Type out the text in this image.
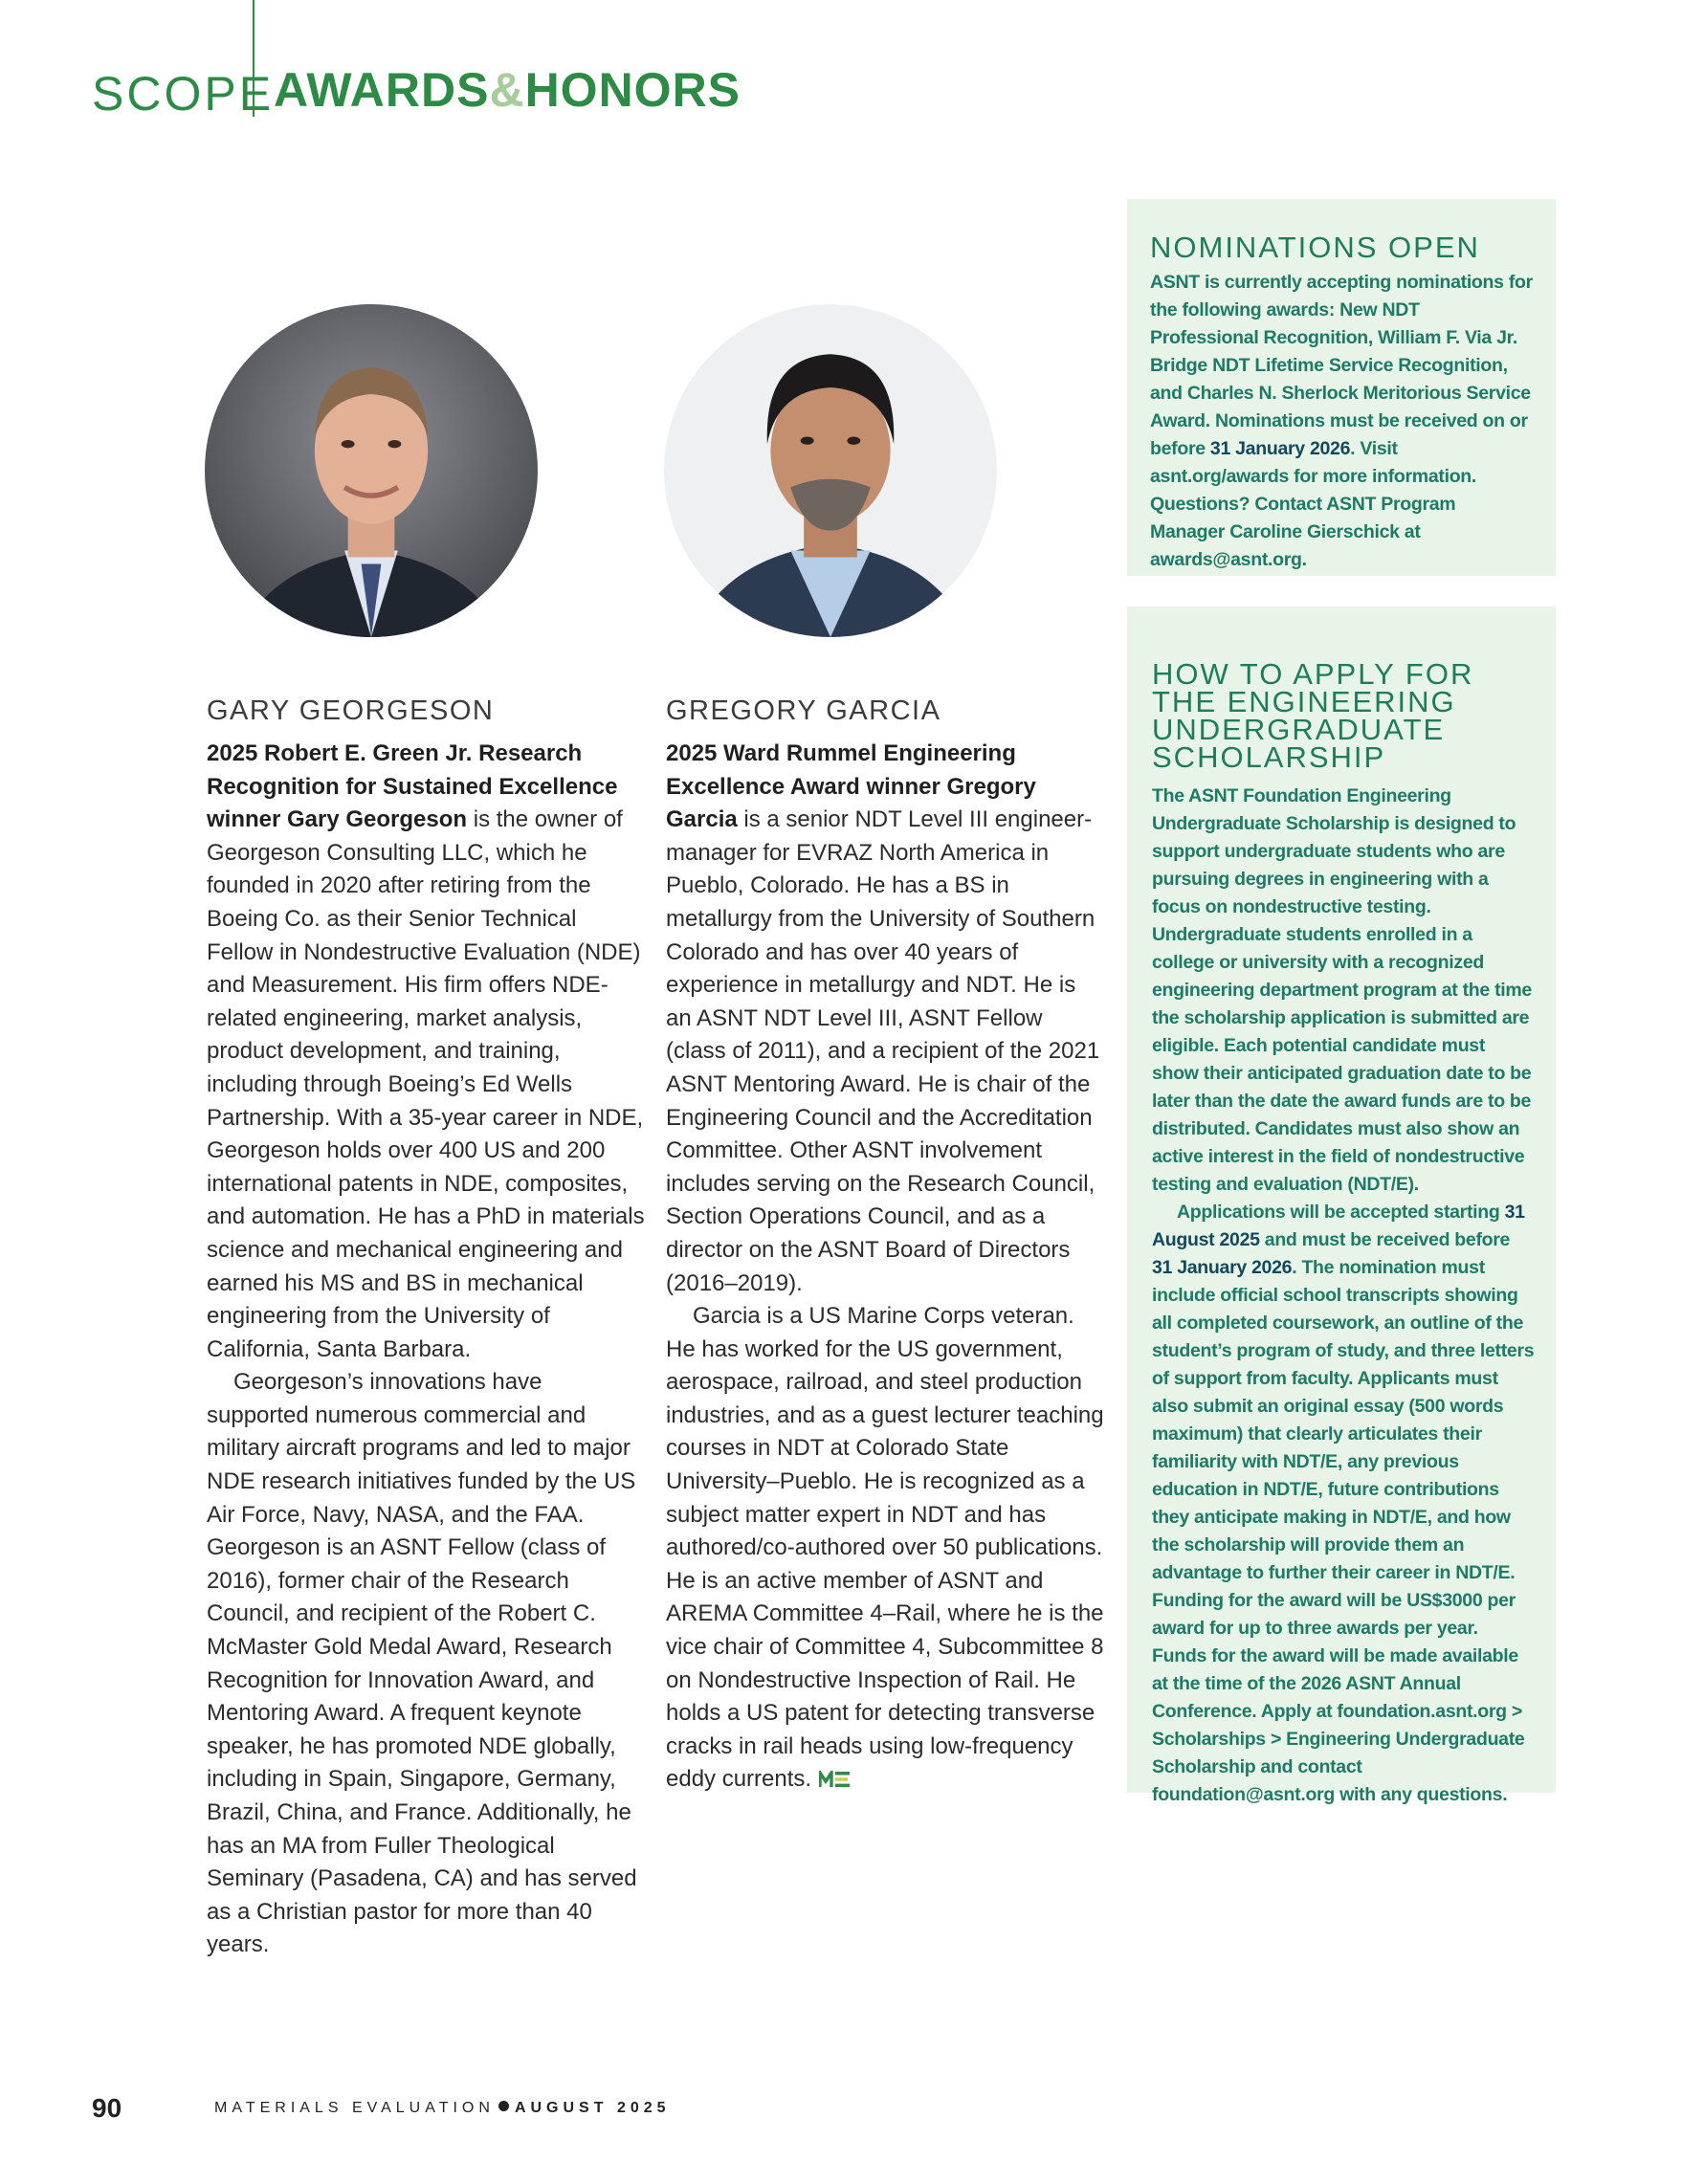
SCOPE AWARDS&HONORS
GARY GEORGESON

2025 Robert E. Green Jr. Research Recognition for Sustained Excellence winner Gary Georgeson is the owner of Georgeson Consulting LLC, which he founded in 2020 after retiring from the Boeing Co. as their Senior Technical Fellow in Nondestructive Evaluation (NDE) and Measurement. His firm offers NDE-related engineering, market analysis, product development, and training, including through Boeing’s Ed Wells Partnership. With a 35-year career in NDE, Georgeson holds over 400 US and 200 international patents in NDE, composites, and automation. He has a PhD in materials science and mechanical engineering and earned his MS and BS in mechanical engineering from the University of California, Santa Barbara.

Georgeson’s innovations have supported numerous commercial and military aircraft programs and led to major NDE research initiatives funded by the US Air Force, Navy, NASA, and the FAA. Georgeson is an ASNT Fellow (class of 2016), former chair of the Research Council, and recipient of the Robert C. McMaster Gold Medal Award, Research Recognition for Innovation Award, and Mentoring Award. A frequent keynote speaker, he has promoted NDE globally, including in Spain, Singapore, Germany, Brazil, China, and France. Additionally, he has an MA from Fuller Theological Seminary (Pasadena, CA) and has served as a Christian pastor for more than 40 years.

GREGORY GARCIA

2025 Ward Rummel Engineering Excellence Award winner Gregory Garcia is a senior NDT Level III engineer-manager for EVRAZ North America in Pueblo, Colorado. He has a BS in metallurgy from the University of Southern Colorado and has over 40 years of experience in metallurgy and NDT. He is an ASNT NDT Level III, ASNT Fellow (class of 2011), and a recipient of the 2021 ASNT Mentoring Award. He is chair of the Engineering Council and the Accreditation Committee. Other ASNT involvement includes serving on the Research Council, Section Operations Council, and as a director on the ASNT Board of Directors (2016–2019).

Garcia is a US Marine Corps veteran. He has worked for the US government, aerospace, railroad, and steel production industries, and as a guest lecturer teaching courses in NDT at Colorado State University–Pueblo. He is recognized as a subject matter expert in NDT and has authored/co-authored over 50 publications. He is an active member of ASNT and AREMA Committee 4–Rail, where he is the vice chair of Committee 4, Subcommittee 8 on Nondestructive Inspection of Rail. He holds a US patent for detecting transverse cracks in rail heads using low-frequency eddy currents.

NOMINATIONS OPEN

ASNT is currently accepting nominations for the following awards: New NDT Professional Recognition, William F. Via Jr. Bridge NDT Lifetime Service Recognition, and Charles N. Sherlock Meritorious Service Award. Nominations must be received on or before 31 January 2026. Visit asnt.org/awards for more information. Questions? Contact ASNT Program Manager Caroline Gierschick at awards@asnt.org.

HOW TO APPLY FOR THE ENGINEERING UNDERGRADUATE SCHOLARSHIP

The ASNT Foundation Engineering Undergraduate Scholarship is designed to support undergraduate students who are pursuing degrees in engineering with a focus on nondestructive testing. Undergraduate students enrolled in a college or university with a recognized engineering department program at the time the scholarship application is submitted are eligible. Each potential candidate must show their anticipated graduation date to be later than the date the award funds are to be distributed. Candidates must also show an active interest in the field of nondestructive testing and evaluation (NDT/E).

Applications will be accepted starting 31 August 2025 and must be received before 31 January 2026. The nomination must include official school transcripts showing all completed coursework, an outline of the student’s program of study, and three letters of support from faculty. Applicants must also submit an original essay (500 words maximum) that clearly articulates their familiarity with NDT/E, any previous education in NDT/E, future contributions they anticipate making in NDT/E, and how the scholarship will provide them an advantage to further their career in NDT/E. Funding for the award will be US$3000 per award for up to three awards per year. Funds for the award will be made available at the time of the 2026 ASNT Annual Conference. Apply at foundation.asnt.org > Scholarships > Engineering Undergraduate Scholarship and contact foundation@asnt.org with any questions.

90	MATERIALS EVALUATION AUGUST 2025
